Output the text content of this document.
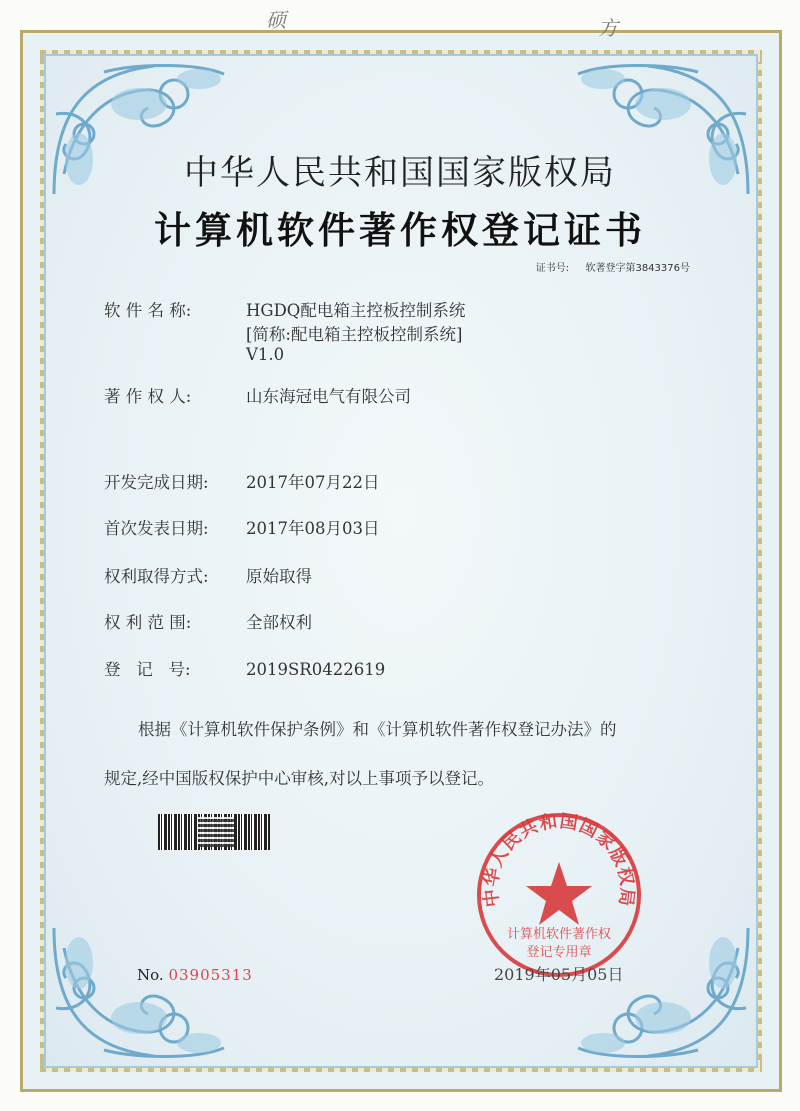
硕	方
中华人民共和国国家版权局
计算机软件著作权登记证书
证书号: 软著登字第3843376号
软 件 名 称:	HGDQ配电箱主控板控制系统
[简称:配电箱主控板控制系统]
V1.0
著 作 权 人:	山东海冠电气有限公司
开发完成日期: 2017年07月22日
首次发表日期: 2017年08月03日
权利取得方式: 原始取得
权 利 范 围:	全部权利
登   记   号:	2019SR0422619
根据《计算机软件保护条例》和《计算机软件著作权登记办法》的
规定,经中国版权保护中心审核,对以上事项予以登记。
No. 03905313
中华人民共和国国家版权局
计算机软件著作权
登记专用章
2019年05月05日
